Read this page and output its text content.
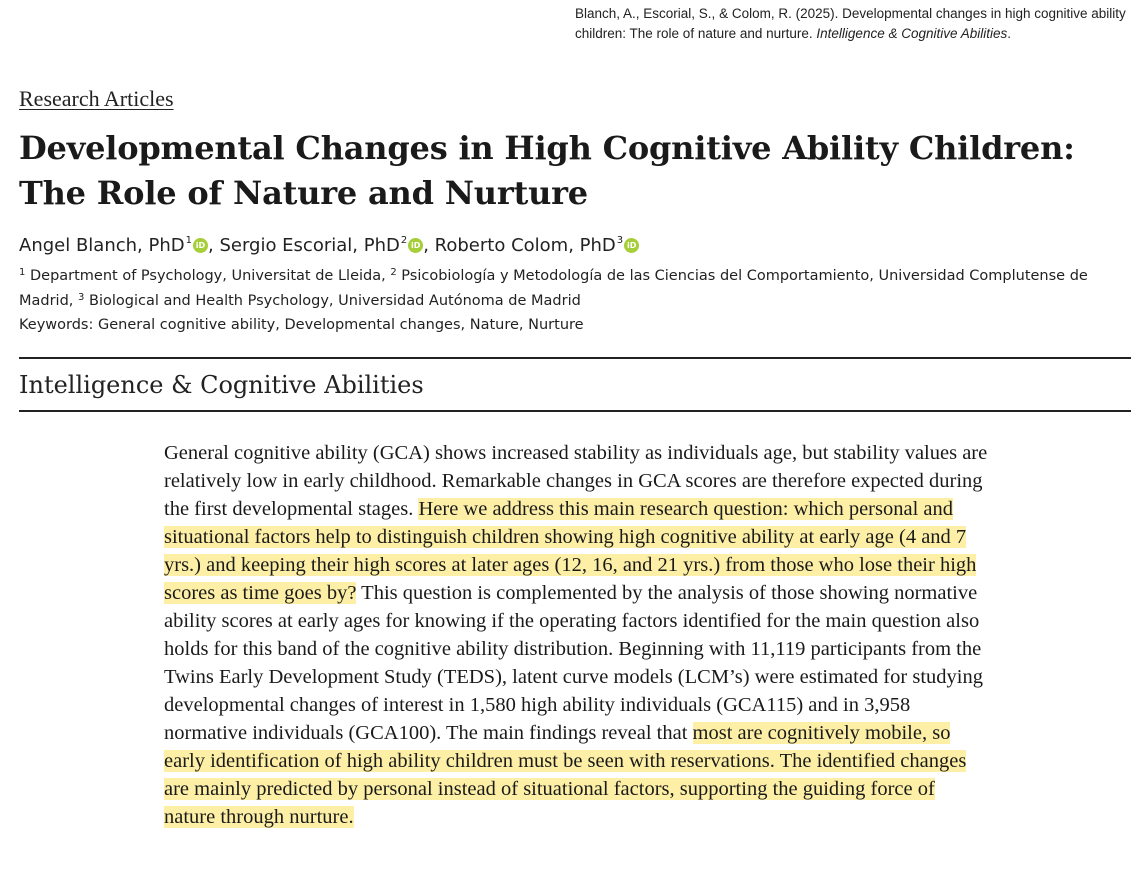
Blanch, A., Escorial, S., & Colom, R. (2025). Developmental changes in high cognitive ability children: The role of nature and nurture. Intelligence & Cognitive Abilities.
Research Articles
Developmental Changes in High Cognitive Ability Children: The Role of Nature and Nurture
Angel Blanch, PhD$^1$ iD , Sergio Escorial, PhD$^2$ iD , Roberto Colom, PhD$^3$iD
$^1$ Department of Psychology, Universitat de Lleida, $^2$ Psicobiología y Metodología de las Ciencias del Comportamiento, Universidad Complutense de Madrid, $^3$ Biological and Health Psychology, Universidad Autónoma de Madrid
Keywords: General cognitive ability, Developmental changes, Nature, Nurture
Intelligence & Cognitive Abilities

General cognitive ability (GCA) shows increased stability as individuals age, but stability values are relatively low in early childhood. Remarkable changes in GCA scores are therefore expected during the first developmental stages. Here we address this main research question: which personal and situational factors help to distinguish children showing high cognitive ability at early age (4 and 7 yrs.) and keeping their high scores at later ages (12, 16, and 21 yrs.) from those who lose their high scores as time goes by? This question is complemented by the analysis of those showing normative ability scores at early ages for knowing if the operating factors identified for the main question also holds for this band of the cognitive ability distribution. Beginning with 11,119 participants from the Twins Early Development Study (TEDS), latent curve models (LCM’s) were estimated for studying developmental changes of interest in 1,580 high ability individuals (GCA115) and in 3,958 normative individuals (GCA100). The main findings reveal that most are cognitively mobile, so early identification of high ability children must be seen with reservations. The identified changes are mainly predicted by personal instead of situational factors, supporting the guiding force of nature through nurture.
